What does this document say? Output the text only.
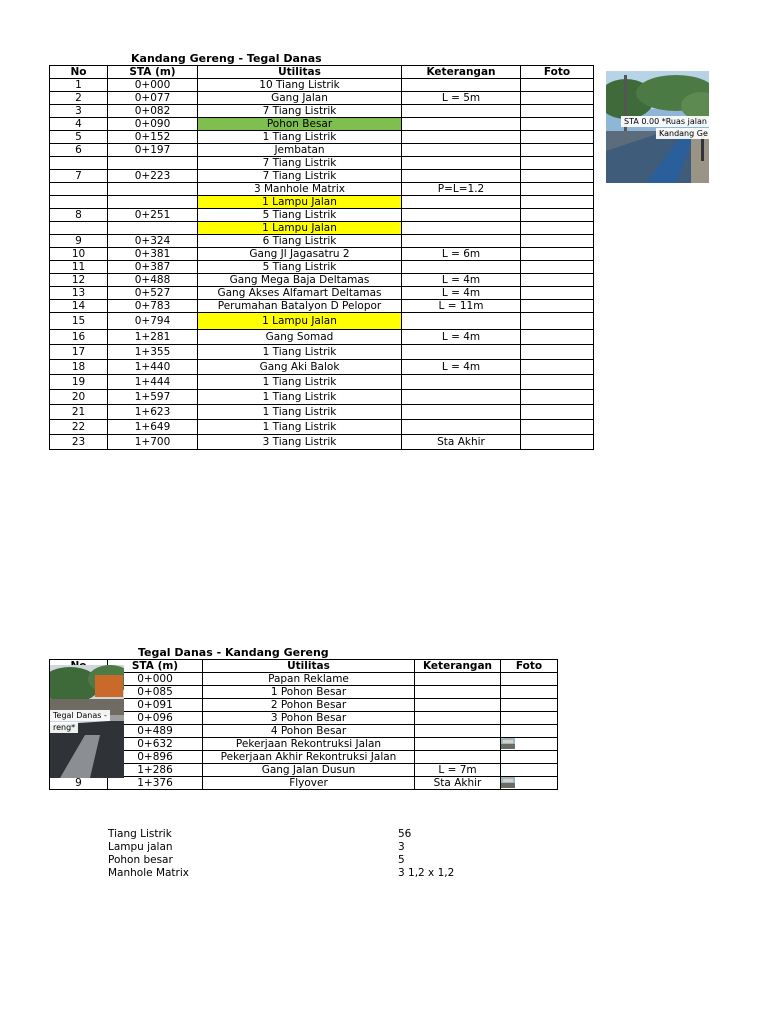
Kandang Gereng - Tegal Danas
No	STA (m)	Utilitas	Keterangan	Foto
1	0+000	10 Tiang Listrik		
2	0+077	Gang Jalan	L = 5m	
3	0+082	7 Tiang Listrik		
4	0+090	Pohon Besar		
5	0+152	1 Tiang Listrik		
6	0+197	Jembatan		
		7 Tiang Listrik		
7	0+223	7 Tiang Listrik		
		3 Manhole Matrix	P=L=1.2	
		1 Lampu Jalan		
8	0+251	5 Tiang Listrik		
		1 Lampu Jalan		
9	0+324	6 Tiang Listrik		
10	0+381	Gang Jl Jagasatru 2	L = 6m	
11	0+387	5 Tiang Listrik		
12	0+488	Gang Mega Baja Deltamas	L = 4m	
13	0+527	Gang Akses Alfamart Deltamas	L = 4m	
14	0+783	Perumahan Batalyon D Pelopor	L = 11m	
15	0+794	1 Lampu Jalan		
16	1+281	Gang Somad	L = 4m	
17	1+355	1 Tiang Listrik		
18	1+440	Gang Aki Balok	L = 4m	
19	1+444	1 Tiang Listrik		
20	1+597	1 Tiang Listrik		
21	1+623	1 Tiang Listrik		
22	1+649	1 Tiang Listrik		
23	1+700	3 Tiang Listrik	Sta Akhir	
STA 0.00 *Ruas jalan
Kandang Ge
Tegal Danas - Kandang Gereng
	STA (m)	Utilitas	Keterangan	Foto
	0+000	Papan Reklame		
	0+085	1 Pohon Besar		
	0+091	2 Pohon Besar		
	0+096	3 Pohon Besar		
	0+489	4 Pohon Besar		
	0+632	Pekerjaan Rekontruksi Jalan		
	0+896	Pekerjaan Akhir Rekontruksi Jalan		
	1+286	Gang Jalan Dusun	L = 7m	
9	1+376	Flyover	Sta Akhir	
Tegal Danas -
reng*
Tiang Listrik	56
Lampu jalan	3
Pohon besar	5
Manhole Matrix	3 1,2 x 1,2
